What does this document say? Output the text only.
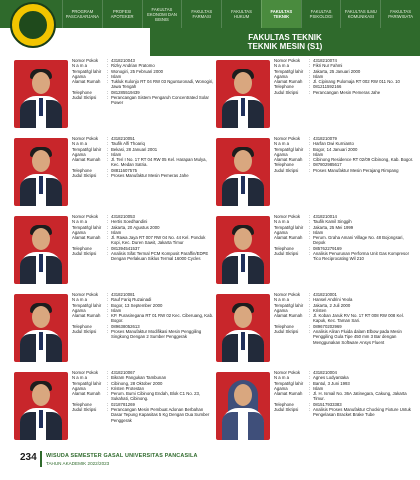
PROGRAM PASCASARJANA
PROFESI APOTEKER
FAKULTAS EKONOMI DAN BISNIS
FAKULTAS FARMASI
FAKULTAS HUKUM
FAKULTAS TEKNIK
FAKULTAS PSIKOLOGI
FAKULTAS ILMU KOMUNIKASI
FAKULTAS PARIWISATA
FAKULTAS TEKNIK
TEKNIK MESIN (S1)
Nomor Pokok	: 4318210043
N a m a	: Rizky Andrian Pratomo
Tempat/tgl lahir	: Wonogiri, 25 Februari 2000
Agama	: Islam
Alamat Rumah	: Tukluk Kulonjo RT 04 RW 03 Ngunturonadi, Wonogiri, Jawa Tengah
Telephone	: 081285519439
Judul Skripsi	: Perancangan Sistem Pengaruh Concentrated Solar Power
Nomor Pokok	: 4318210074
N a m a	: Fikri Nur Fahmi
Tempat/tgl lahir	: Jakarta, 25 Januari 2000
Agama	: Islam
Alamat Rumah	: Jl. Cipinang Pulomaja RT 002 RW 011 No. 10
Telephone	: 081211592166
Judul Skripsi	: Perancangan Mesin Pemeras Jahe
Nomor Pokok	: 4318210051
N a m a	: Taufik Alfi Thoariq
Tempat/tgl lahir	: Bekasi, 28 Januari 2001
Agama	: Islam
Alamat Rumah	: Jl. Teri I No. 17 RT 04 RW 05 Kel. Harapan Mulya, Kec. Medan Satria.
Telephone	: 08811607575
Judul Skripsi	: Proses Manufaktur Mesin Pemeras Jahe
Nomor Pokok	: 4318210079
N a m a	: Harfan Dwi Kurnianto
Tempat/tgl lahir	: Bogor, 14 Januari 2000
Agama	: Islam
Alamat Rumah	: Cibinong Residence RT 02/09 Cibinong, Kab. Bogor.
Telephone	: 087802985617
Judul Skripsi	: Proses Manufaktur Mesin Perajang Rimpang
Nomor Pokok	: 4318210053
N a m a	: Hertis Soedhandini
Tempat/tgl lahir	: Jakarta, 20 Agustus 2000
Agama	: Islam
Alamat Rumah	: Jl. Rawa Jaya RT 007 RW 04 No. 44 Kel. Pondok Kopi, Kec. Duren Sawit, Jakarta Timur
Telephone	: 081394541537
Judul Skripsi	: Analisis Sifat Termal PCM Komposit Paraffin/EDPE Dengan Perlakuan Siklus Termal 16000 Cycles
Nomor Pokok	: 4318210014
N a m a	: Taufik Kamil Singgih
Tempat/tgl lahir	: Jakarta, 25 Mei 1999
Agama	: Islam
Alamat Rumah	: Perum. Graha Amani Village No. 48 Bojongsari, Depok
Telephone	: 085762279169
Judul Skripsi	: Analisis Penurunan Performa Unit Gas Kompresor Tico Reciprocating Wil 210
Nomor Pokok	: 4318210081
N a m a	: Rauf Fariq Ruzainadi
Tempat/tgl lahir	: Bogor, 13 September 2000
Agama	: Islam
Alamat Rumah	: KP. Purasiregana RT 01 RW 02 Kec. Ciberuang, Kab. Bogor.
Telephone	: 089638052613
Judul Skripsi	: Proses Manufaktur Modifikasi Mesin Penggiling Singkong Dengan 2 Sumber Penggerak
Nomor Pokok	: 4318210001
N a m a	: Hansel Andrini Yeola
Tempat/tgl lahir	: Jakarta, 2 Juli 2000
Agama	: Kristen
Alamat Rumah	: Jl. Koban Jaruk RV No. 17 RT 008 RW 008 Kel. Kapuk, Kec. Taman Sari.
Telephone	: 089670202969
Judul Skripsi	: Analisis Aliran Fluida dalam Elbow pada Mesin Penggiling Gula Tipe 450 mm 3 Bar dengan Menggunakan Software Ansys Fluent
Nomor Pokok	: 4318210067
N a m a	: Bikram Pangukan Tambunan
Tempat/tgl lahir	: Cibinong, 28 Oktober 2000
Agama	: Kristen Protestan
Alamat Rumah	: Perum. Bumi Cibinong Endah, Blok C1 No. 23, Sukahati, Cibinong.
Telephone	: 0218781269
Judul Skripsi	: Perancangan Mesin Pembuat Adonan Berbahan Dasar Tepung Kapasitas 5 Kg Dengan Dua Sumber Penggerak
Nomor Pokok	: 4318210004
N a m a	: Agnes Lodyantaka
Tempat/tgl lahir	: Bantul, 3 Juni 1993
Agama	: Islam
Alamat Rumah	: Jl. H. Ismail No. 36A Jatinegara, Cakung, Jakarta Timur.
Telephone	: 081517933383
Judul Skripsi	: Analisis Proses Manufaktur Chocking Fixture Untuk Pengelasan Bracket Brake Tube
234 WISUDA SEMESTER GASAL UNIVERSITAS PANCASILA
TAHUN AKADEMIK 2022/2023
